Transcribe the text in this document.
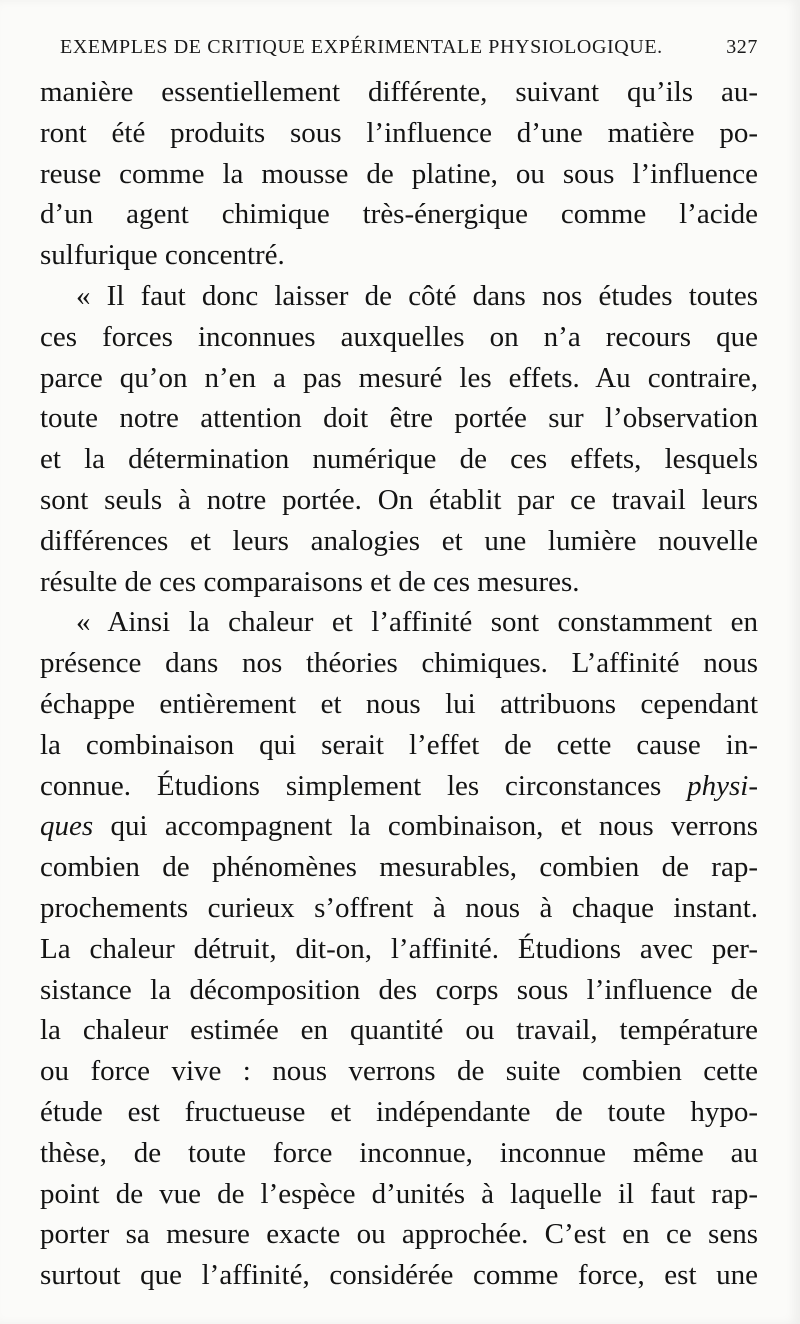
EXEMPLES DE CRITIQUE EXPÉRIMENTALE PHYSIOLOGIQUE.	327
manière essentiellement différente, suivant qu’ils au-
ront été produits sous l’influence d’une matière po-
reuse comme la mousse de platine, ou sous l’influence
d’un agent chimique très-énergique comme l’acide
sulfurique concentré.
« Il faut donc laisser de côté dans nos études toutes
ces forces inconnues auxquelles on n’a recours que
parce qu’on n’en a pas mesuré les effets. Au contraire,
toute notre attention doit être portée sur l’observation
et la détermination numérique de ces effets, lesquels
sont seuls à notre portée. On établit par ce travail leurs
différences et leurs analogies et une lumière nouvelle
résulte de ces comparaisons et de ces mesures.
« Ainsi la chaleur et l’affinité sont constamment en
présence dans nos théories chimiques. L’affinité nous
échappe entièrement et nous lui attribuons cependant
la combinaison qui serait l’effet de cette cause in-
connue. Étudions simplement les circonstances physi-
ques qui accompagnent la combinaison, et nous verrons
combien de phénomènes mesurables, combien de rap-
prochements curieux s’offrent à nous à chaque instant.
La chaleur détruit, dit-on, l’affinité. Étudions avec per-
sistance la décomposition des corps sous l’influence de
la chaleur estimée en quantité ou travail, température
ou force vive : nous verrons de suite combien cette
étude est fructueuse et indépendante de toute hypo-
thèse, de toute force inconnue, inconnue même au
point de vue de l’espèce d’unités à laquelle il faut rap-
porter sa mesure exacte ou approchée. C’est en ce sens
surtout que l’affinité, considérée comme force, est une
